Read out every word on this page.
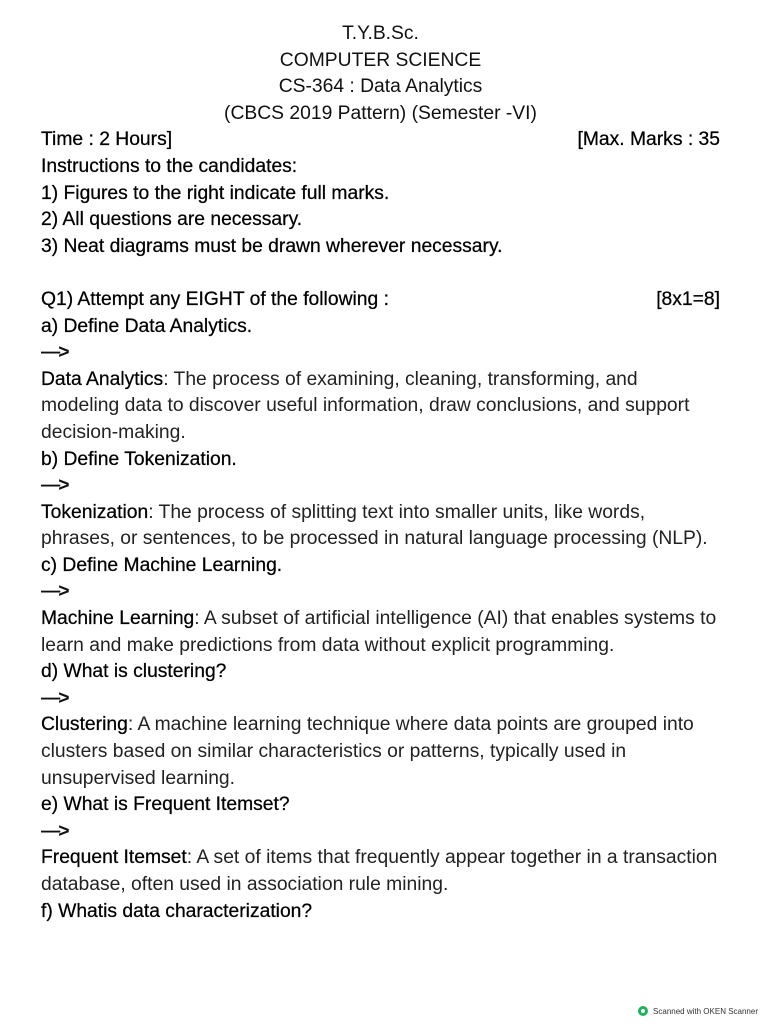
T.Y.B.Sc.
COMPUTER SCIENCE
CS-364 : Data Analytics
(CBCS 2019 Pattern) (Semester -VI)
Time : 2 Hours]	[Max. Marks : 35
Instructions to the candidates:
1) Figures to the right indicate full marks.
2) All questions are necessary.
3) Neat diagrams must be drawn wherever necessary.
Q1) Attempt any EIGHT of the following :	[8x1=8]
a) Define Data Analytics.
—>
Data Analytics: The process of examining, cleaning, transforming, and modeling data to discover useful information, draw conclusions, and support decision-making.
b) Define Tokenization.
—>
Tokenization: The process of splitting text into smaller units, like words, phrases, or sentences, to be processed in natural language processing (NLP).
c) Define Machine Learning.
—>
Machine Learning: A subset of artificial intelligence (AI) that enables systems to learn and make predictions from data without explicit programming.
d) What is clustering?
—>
Clustering: A machine learning technique where data points are grouped into clusters based on similar characteristics or patterns, typically used in unsupervised learning.
e) What is Frequent Itemset?
—>
Frequent Itemset: A set of items that frequently appear together in a transaction database, often used in association rule mining.
f) Whatis data characterization?
Scanned with OKEN Scanner
